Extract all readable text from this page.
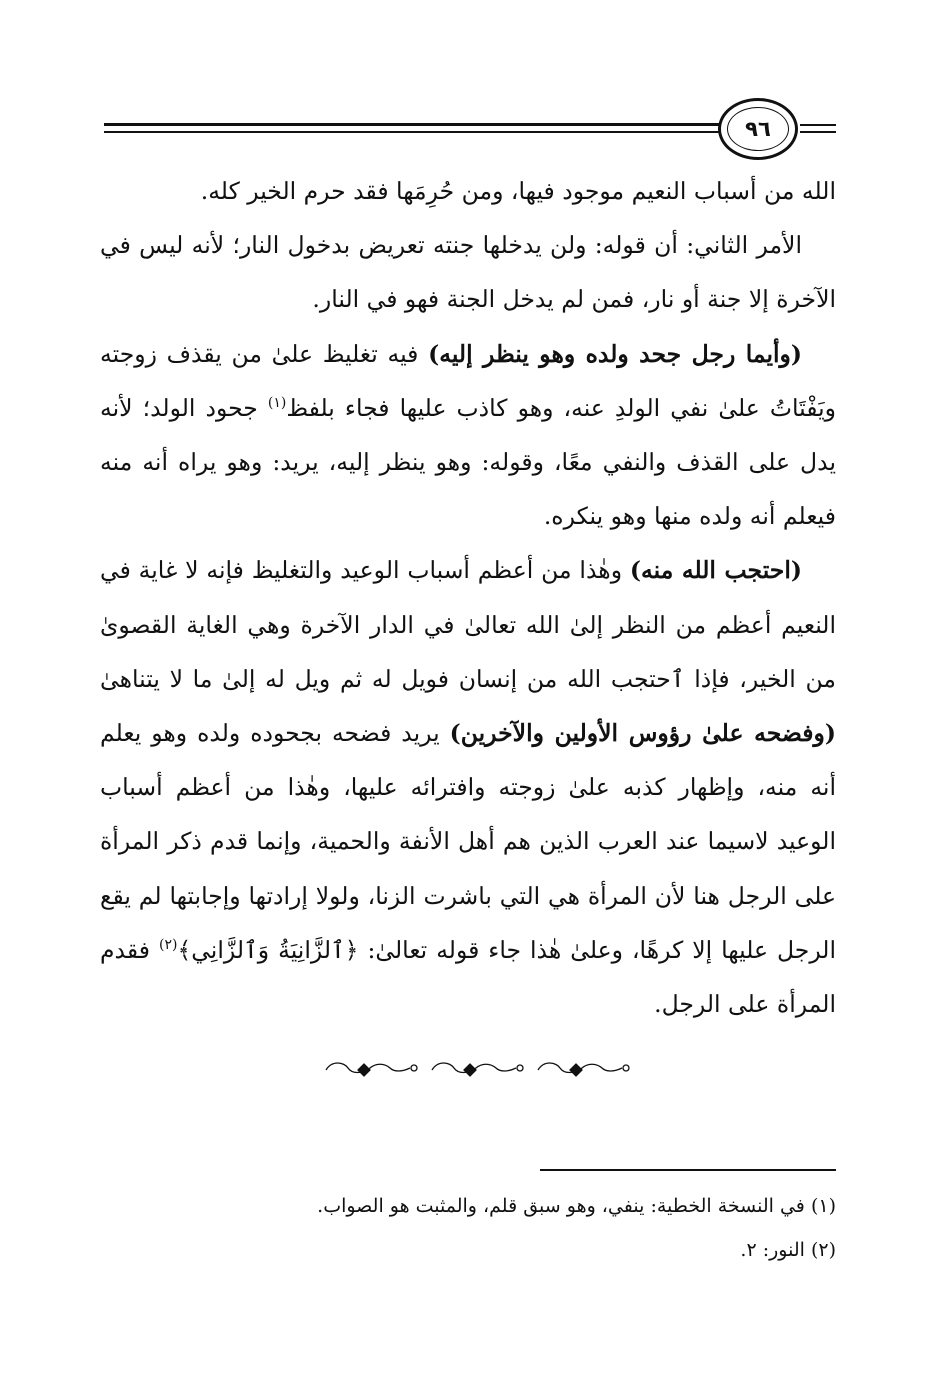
٩٦

الله من أسباب النعيم موجود فيها، ومن حُرِمَها فقد حرم الخير كله.

الأمر الثاني: أن قوله: ولن يدخلها جنته تعريض بدخول النار؛ لأنه ليس في الآخرة إلا جنة أو نار، فمن لم يدخل الجنة فهو في النار.

(وأيما رجل جحد ولده وهو ينظر إليه) فيه تغليظ علىٰ من يقذف زوجته ويَفْتَاتُ علىٰ نفي الولدِ عنه، وهو كاذب عليها فجاء بلفظ$^{(١)}$ جحود الولد؛ لأنه يدل على القذف والنفي معًا، وقوله: وهو ينظر إليه، يريد: وهو يراه أنه منه فيعلم أنه ولده منها وهو ينكره.

(احتجب الله منه) وهٰذا من أعظم أسباب الوعيد والتغليظ فإنه لا غاية في النعيم أعظم من النظر إلىٰ الله تعالىٰ في الدار الآخرة وهي الغاية القصوىٰ من الخير، فإذا ٱحتجب الله من إنسان فويل له ثم ويل له إلىٰ ما لا يتناهىٰ (وفضحه علىٰ رؤوس الأولين والآخرين) يريد فضحه بجحوده ولده وهو يعلم أنه منه، وإظهار كذبه علىٰ زوجته وافترائه عليها، وهٰذا من أعظم أسباب الوعيد لاسيما عند العرب الذين هم أهل الأنفة والحمية، وإنما قدم ذكر المرأة على الرجل هنا لأن المرأة هي التي باشرت الزنا، ولولا إرادتها وإجابتها لم يقع الرجل عليها إلا كرهًا، وعلىٰ هٰذا جاء قوله تعالىٰ: ﴿ٱلزَّانِيَةُ وَٱلزَّانِي﴾$^{(٢)}$ فقدم المرأة على الرجل.

(١) في النسخة الخطية: ينفي، وهو سبق قلم، والمثبت هو الصواب.

(٢) النور: ٢.
